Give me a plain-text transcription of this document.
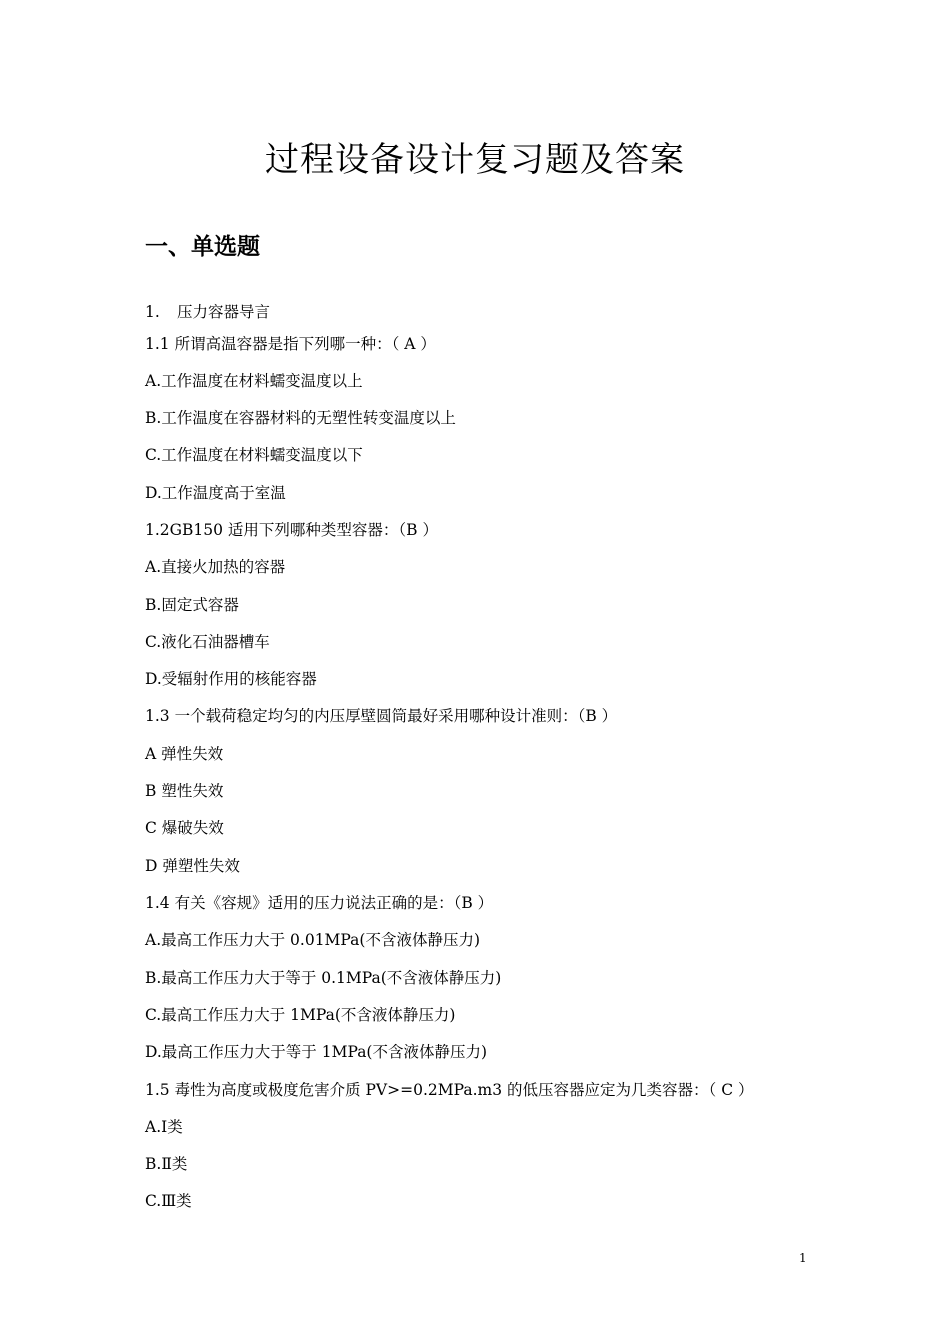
过程设备设计复习题及答案
一、单选题
1. 压力容器导言
1.1 所谓高温容器是指下列哪一种：（ A ）
A.工作温度在材料蠕变温度以上
B.工作温度在容器材料的无塑性转变温度以上
C.工作温度在材料蠕变温度以下
D.工作温度高于室温
1.2GB150 适用下列哪种类型容器：（B ）
A.直接火加热的容器
B.固定式容器
C.液化石油器槽车
D.受辐射作用的核能容器
1.3 一个载荷稳定均匀的内压厚壁圆筒最好采用哪种设计准则：（B ）
A 弹性失效
B 塑性失效
C 爆破失效
D 弹塑性失效
1.4 有关《容规》适用的压力说法正确的是：（B ）
A.最高工作压力大于 0.01MPa(不含液体静压力)
B.最高工作压力大于等于 0.1MPa(不含液体静压力)
C.最高工作压力大于 1MPa(不含液体静压力)
D.最高工作压力大于等于 1MPa(不含液体静压力)
1.5 毒性为高度或极度危害介质 PV>=0.2MPa.m3 的低压容器应定为几类容器：（ C ）
A.Ⅰ类
B.Ⅱ类
C.Ⅲ类
1
